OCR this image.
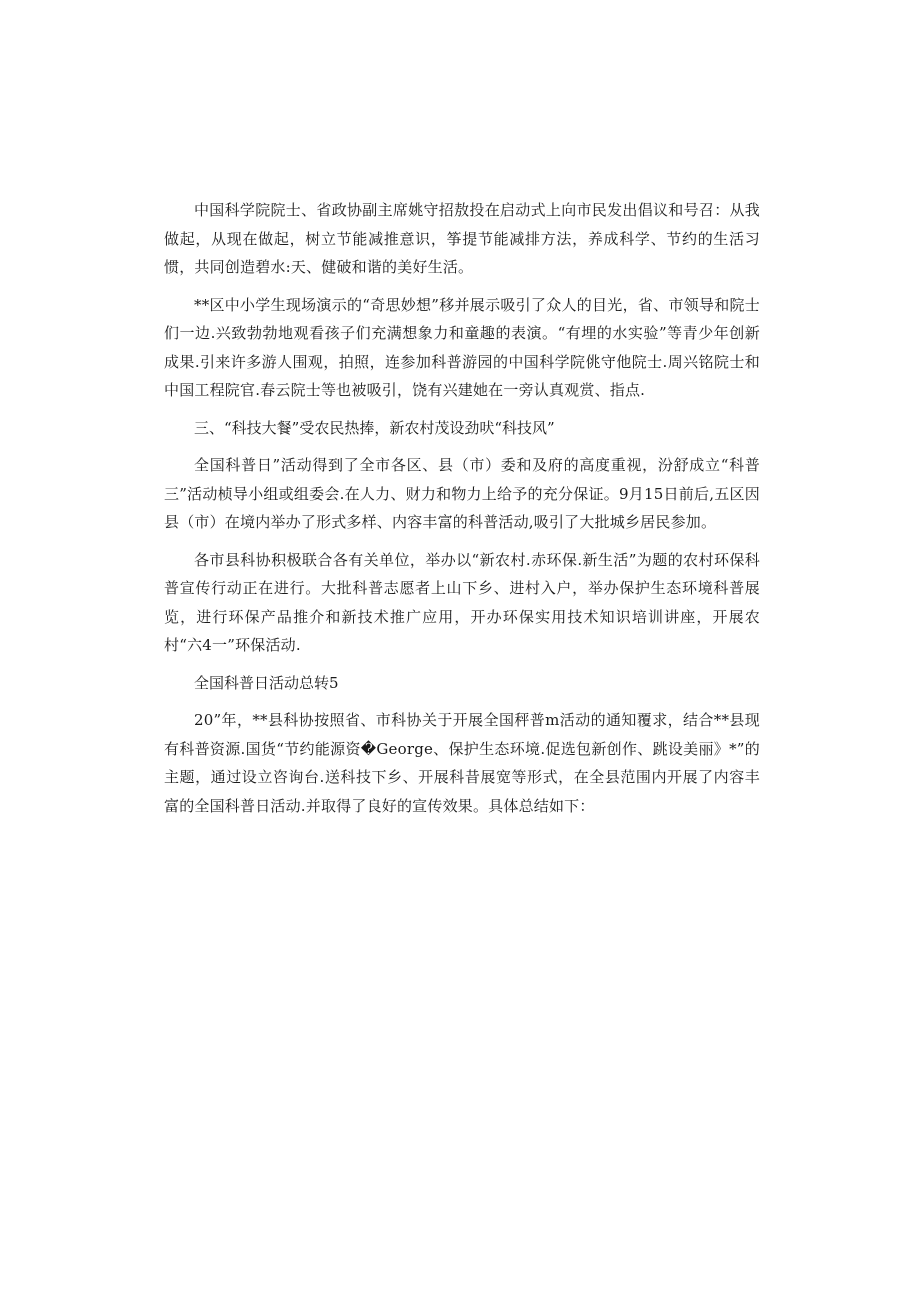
中国科学院院士、省政协副主席姚守招敖投在启动式上向市民发出倡议和号召：从我做起，从现在做起，树立节能减推意识，筝提节能减排方法，养成科学、节约的生活习惯，共同创造碧水:天、健破和谐的美好生活。

**区中小学生现场演示的“奇思妙想”移并展示吸引了众人的目光，省、市领导和院士们一边.兴致勃勃地观看孩子们充满想象力和童趣的表演。“有埋的水实验”等青少年创新成果.引来许多游人围观，拍照，连参加科普游园的中国科学院佻守他院士.周兴铭院士和中国工程院官.春云院士等也被吸引，饶有兴建她在一旁认真观赏、指点.

三、“科技大餐”受农民热捧，新农村茂设劲吠“科技风”

全国科普日”活动得到了全市各区、县（市）委和及府的高度重视，汾舒成立“科普三”活动桢导小组或组委会.在人力、财力和物力上给予的充分保证。9月15日前后,五区因县（市）在境内举办了形式多样、内容丰富的科普活动,吸引了大批城乡居民参加。

各市县科协积极联合各有关单位，举办以“新农村.赤环保.新生活”为题的农村环保科普宣传行动正在进行。大批科普志愿者上山下乡、进村入户，举办保护生态环境科普展览，进行环保产品推介和新技术推广应用，开办环保实用技术知识培训讲座，开展农村“六4一”环保活动.

全国科普日活动总转5

20”年，**县科协按照省、市科协关于开展全国秤普m活动的通知覆求，结合**县现有科普资源.国货“节约能源资�George、保护生态环境.促选包新创作、跳设美丽》*”的主题，通过设立咨询台.送科技下乡、开展科昔展宽等形式，在全县范围内开展了内容丰富的全国科普日活动.并取得了良好的宣传效果。具体总结如下：
